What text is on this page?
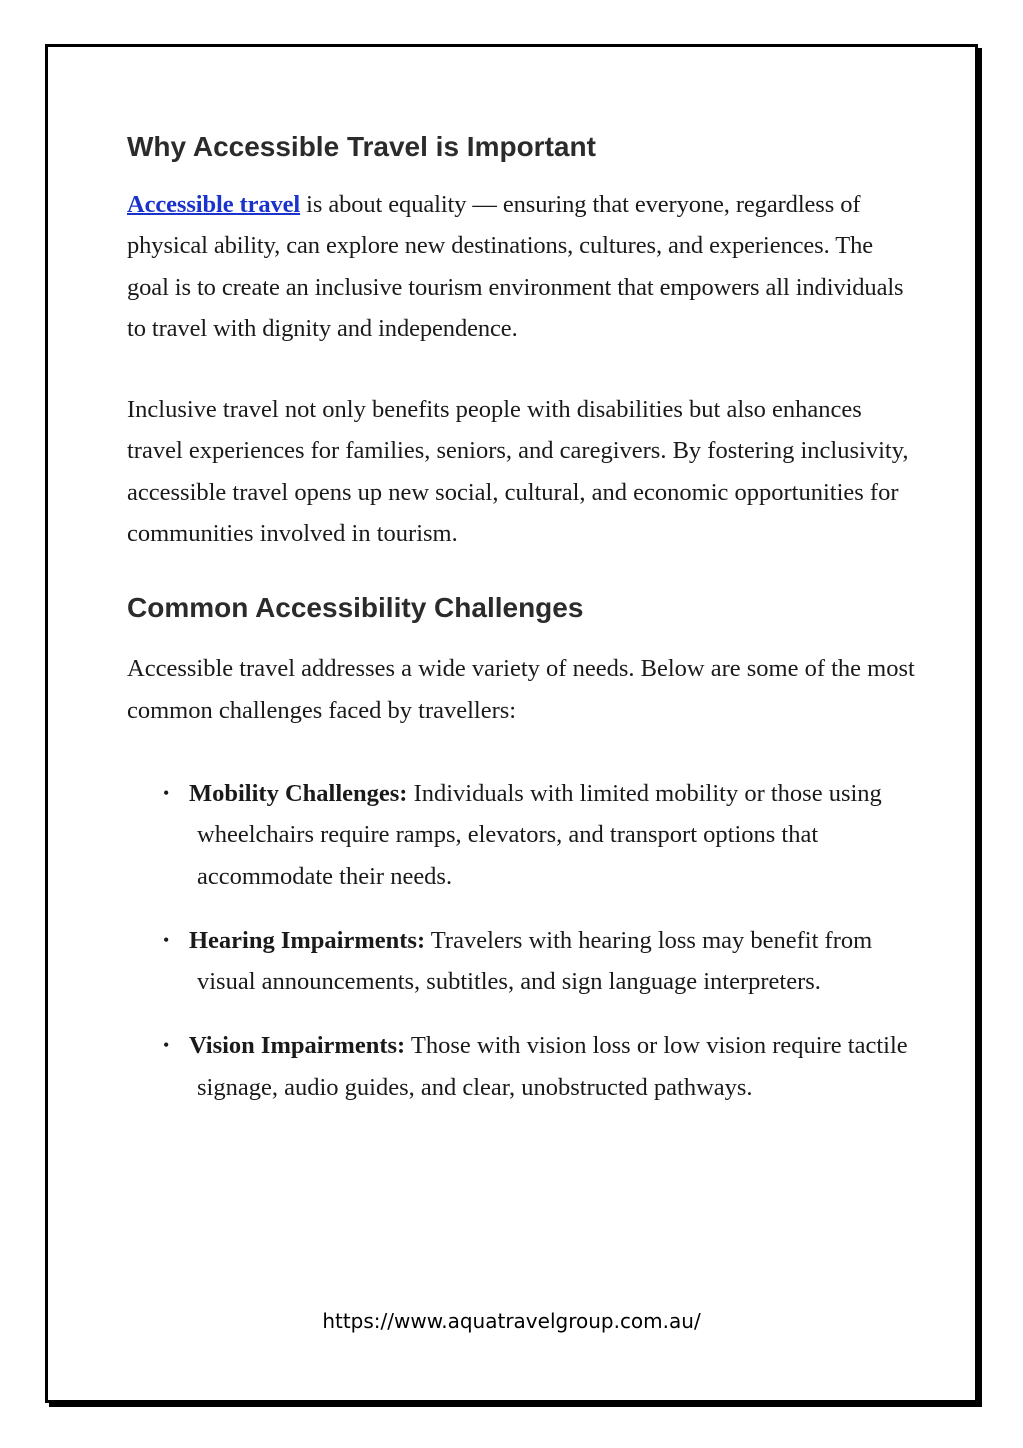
Why Accessible Travel is Important

Accessible travel is about equality — ensuring that everyone, regardless of physical ability, can explore new destinations, cultures, and experiences. The goal is to create an inclusive tourism environment that empowers all individuals to travel with dignity and independence.

Inclusive travel not only benefits people with disabilities but also enhances travel experiences for families, seniors, and caregivers. By fostering inclusivity, accessible travel opens up new social, cultural, and economic opportunities for communities involved in tourism.

Common Accessibility Challenges

Accessible travel addresses a wide variety of needs. Below are some of the most common challenges faced by travellers:

• Mobility Challenges: Individuals with limited mobility or those using wheelchairs require ramps, elevators, and transport options that accommodate their needs.
• Hearing Impairments: Travelers with hearing loss may benefit from visual announcements, subtitles, and sign language interpreters.
• Vision Impairments: Those with vision loss or low vision require tactile signage, audio guides, and clear, unobstructed pathways.
https://www.aquatravelgroup.com.au/
